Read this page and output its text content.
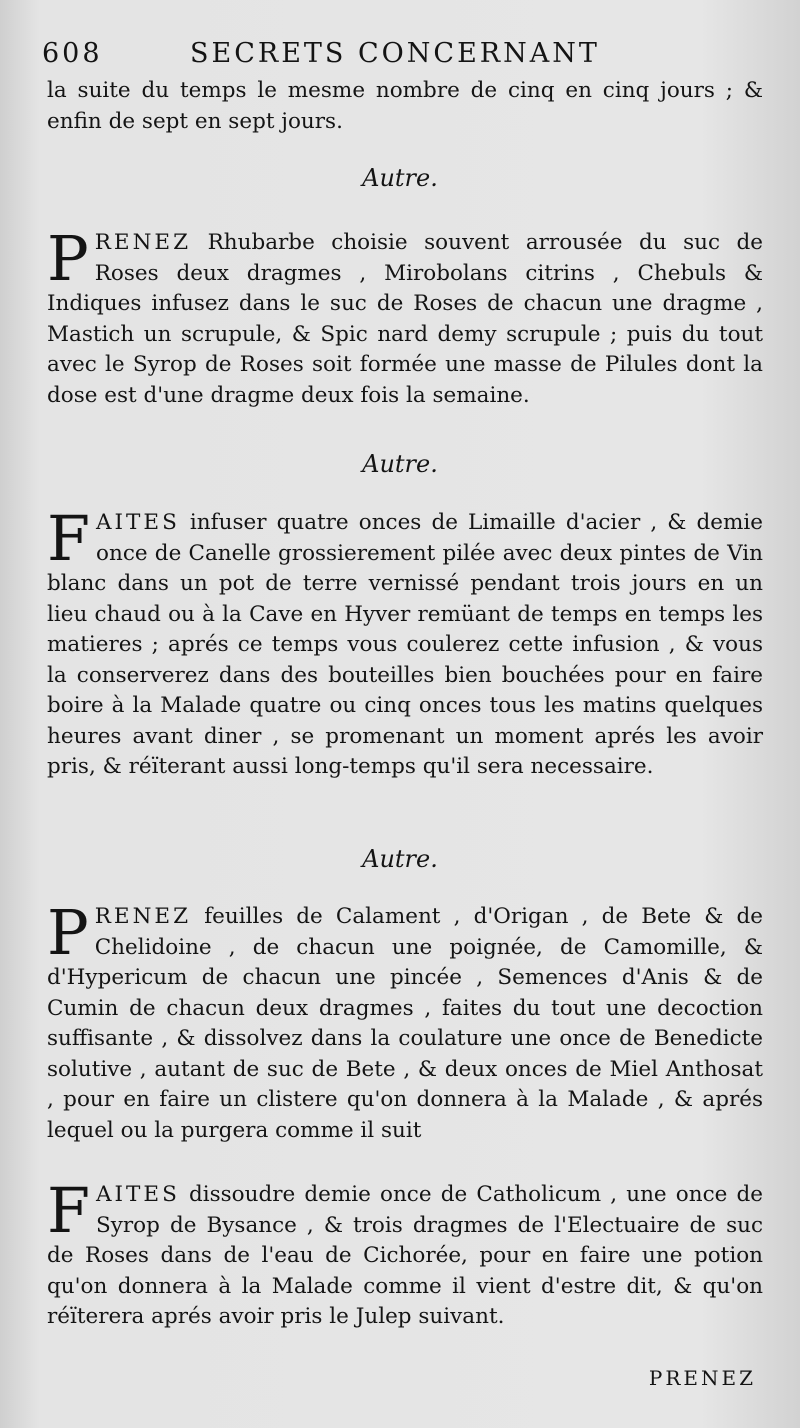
608	SECRETS CONCERNANT

la suite du temps le mesme nombre de cinq en cinq jours ; & enfin de sept en sept jours.

Autre.

PRENEZ Rhubarbe choisie souvent arrousée du suc de Roses deux dragmes , Mirobolans citrins , Chebuls & Indiques infusez dans le suc de Roses de chacun une dragme , Mastich un scrupule, & Spic nard demy scrupule ; puis du tout avec le Syrop de Roses soit formée une masse de Pilules dont la dose est d'une dragme deux fois la semaine.

Autre.

FAITES infuser quatre onces de Limaille d'acier , & demie once de Canelle grossierement pilée avec deux pintes de Vin blanc dans un pot de terre vernissé pendant trois jours en un lieu chaud ou à la Cave en Hyver remüant de temps en temps les matieres ; aprés ce temps vous coulerez cette infusion , & vous la conserverez dans des bouteilles bien bouchées pour en faire boire à la Malade quatre ou cinq onces tous les matins quelques heures avant diner , se promenant un moment aprés les avoir pris, & réïterant aussi long-temps qu'il sera necessaire.

Autre.

PRENEZ feuilles de Calament , d'Origan , de Bete & de Chelidoine , de chacun une poignée, de Camomille, & d'Hypericum de chacun une pincée , Semences d'Anis & de Cumin de chacun deux dragmes , faites du tout une decoction suffisante , & dissolvez dans la coulature une once de Benedicte solutive , autant de suc de Bete , & deux onces de Miel Anthosat , pour en faire un clistere qu'on donnera à la Malade , & aprés lequel ou la purgera comme il suit

FAITES dissoudre demie once de Catholicum , une once de Syrop de Bysance , & trois dragmes de l'Electuaire de suc de Roses dans de l'eau de Cichorée, pour en faire une potion qu'on donnera à la Malade comme il vient d'estre dit, & qu'on réïterera aprés avoir pris le Julep suivant.

PRENEZ
